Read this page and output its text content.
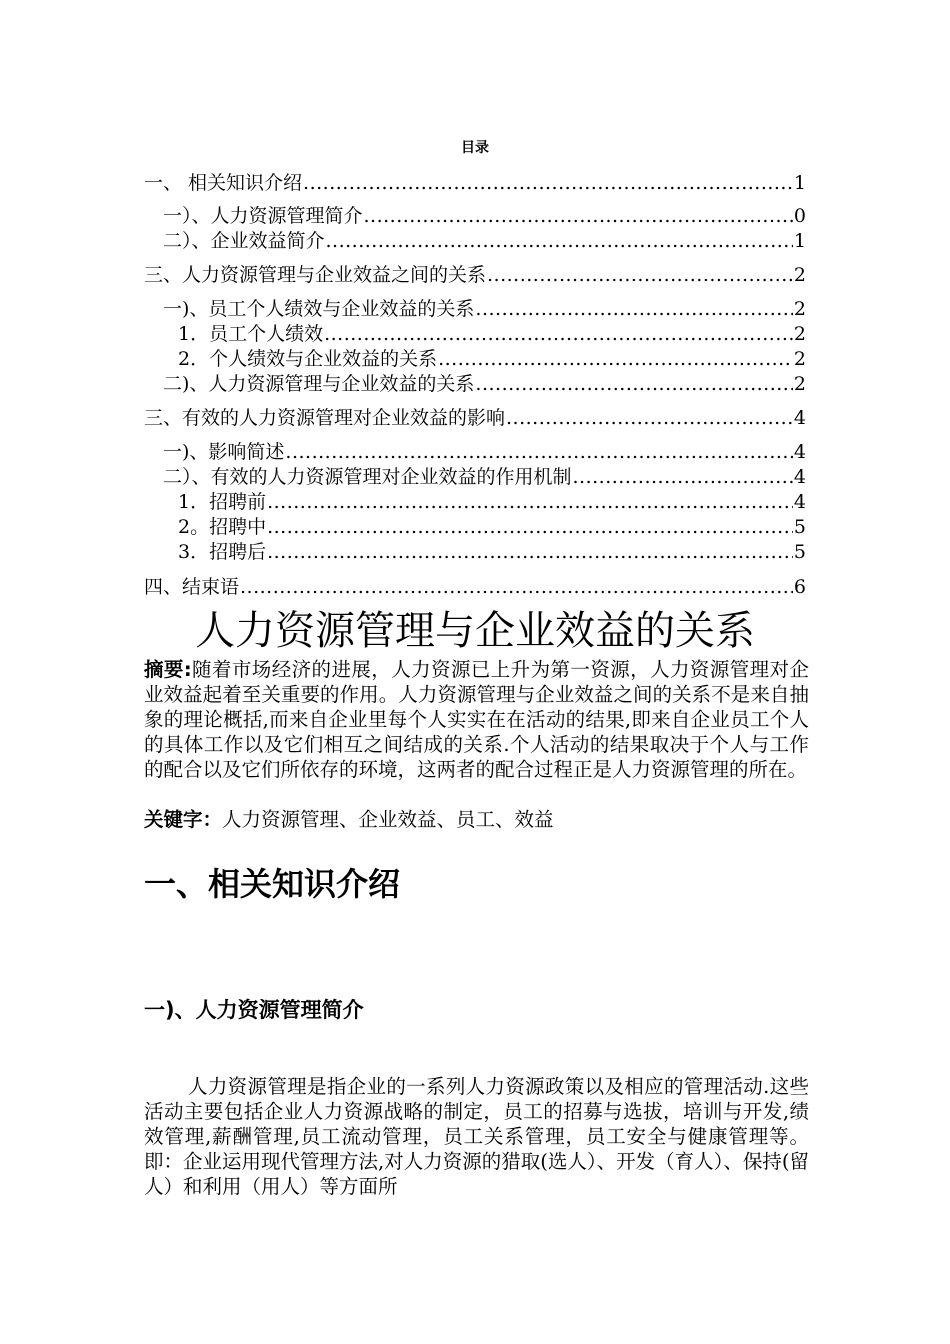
目录
一、 相关知识介绍 .....	1
一）、人力资源管理简介 .....	0
二）、企业效益简介 .....	1
三、人力资源管理与企业效益之间的关系 .....	2
一)、员工个人绩效与企业效益的关系 .....	2
1．员工个人绩效 .....	2
2．个人绩效与企业效益的关系 .....	2
二)、人力资源管理与企业效益的关系 .....	2
三、有效的人力资源管理对企业效益的影响 .....	4
一)、影响简述 .....	4
二）、有效的人力资源管理对企业效益的作用机制 .....	4
1．招聘前 .....	4
2。招聘中 .....	5
3．招聘后 .....	5
四、结束语 .....	6
人力资源管理与企业效益的关系
摘要:随着市场经济的进展，人力资源已上升为第一资源，人力资源管理对企业效益起着至关重要的作用。人力资源管理与企业效益之间的关系不是来自抽象的理论概括,而来自企业里每个人实实在在活动的结果,即来自企业员工个人的具体工作以及它们相互之间结成的关系.个人活动的结果取决于个人与工作的配合以及它们所依存的环境，这两者的配合过程正是人力资源管理的所在。
关键字：人力资源管理、企业效益、员工、效益
一、相关知识介绍
一)、人力资源管理简介
人力资源管理是指企业的一系列人力资源政策以及相应的管理活动.这些活动主要包括企业人力资源战略的制定，员工的招募与选拔，培训与开发,绩效管理,薪酬管理,员工流动管理，员工关系管理，员工安全与健康管理等。即：企业运用现代管理方法,对人力资源的猎取(选人）、开发（育人）、保持(留人）和利用（用人）等方面所
